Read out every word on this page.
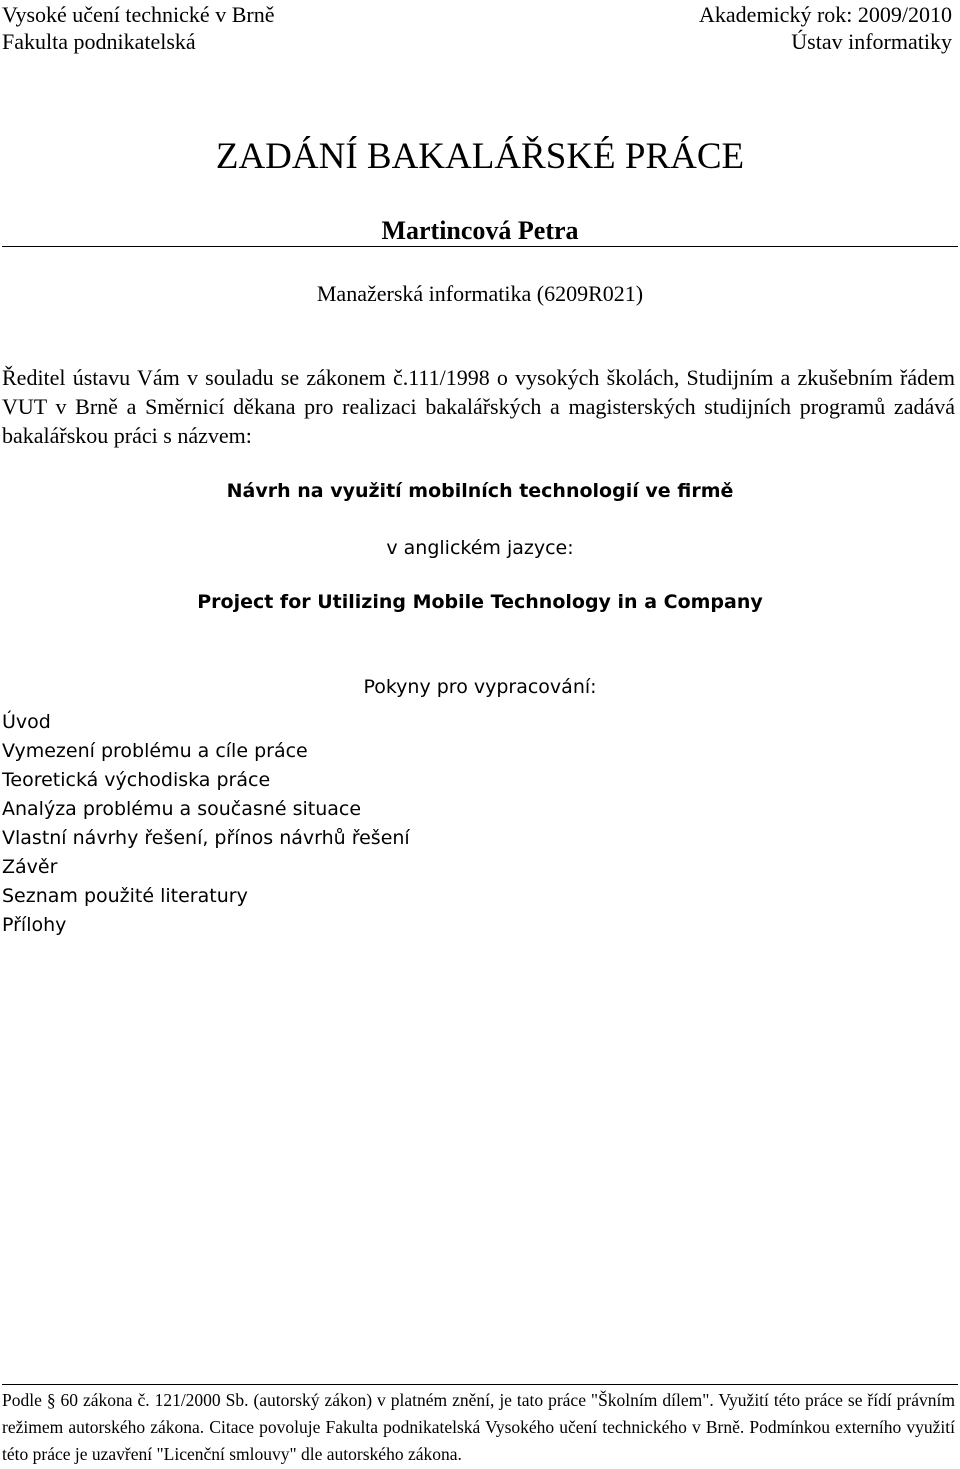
Vysoké učení technické v Brně
Fakulta podnikatelská
Akademický rok: 2009/2010
Ústav informatiky
ZADÁNÍ BAKALÁŘSKÉ PRÁCE
Martincová Petra
Manažerská informatika (6209R021)
Ředitel ústavu Vám v souladu se zákonem č.111/1998 o vysokých školách, Studijním a zkušebním řádem VUT v Brně a Směrnicí děkana pro realizaci bakalářských a magisterských studijních programů zadává bakalářskou práci s názvem:
Návrh na využití mobilních technologií ve firmě
v anglickém jazyce:
Project for Utilizing Mobile Technology in a Company
Pokyny pro vypracování:
Úvod
Vymezení problému a cíle práce
Teoretická východiska práce
Analýza problému a současné situace
Vlastní návrhy řešení, přínos návrhů řešení
Závěr
Seznam použité literatury
Přílohy
Podle § 60 zákona č. 121/2000 Sb. (autorský zákon) v platném znění, je tato práce "Školním dílem". Využití této práce se řídí právním režimem autorského zákona. Citace povoluje Fakulta podnikatelská Vysokého učení technického v Brně. Podmínkou externího využití této práce je uzavření "Licenční smlouvy" dle autorského zákona.
